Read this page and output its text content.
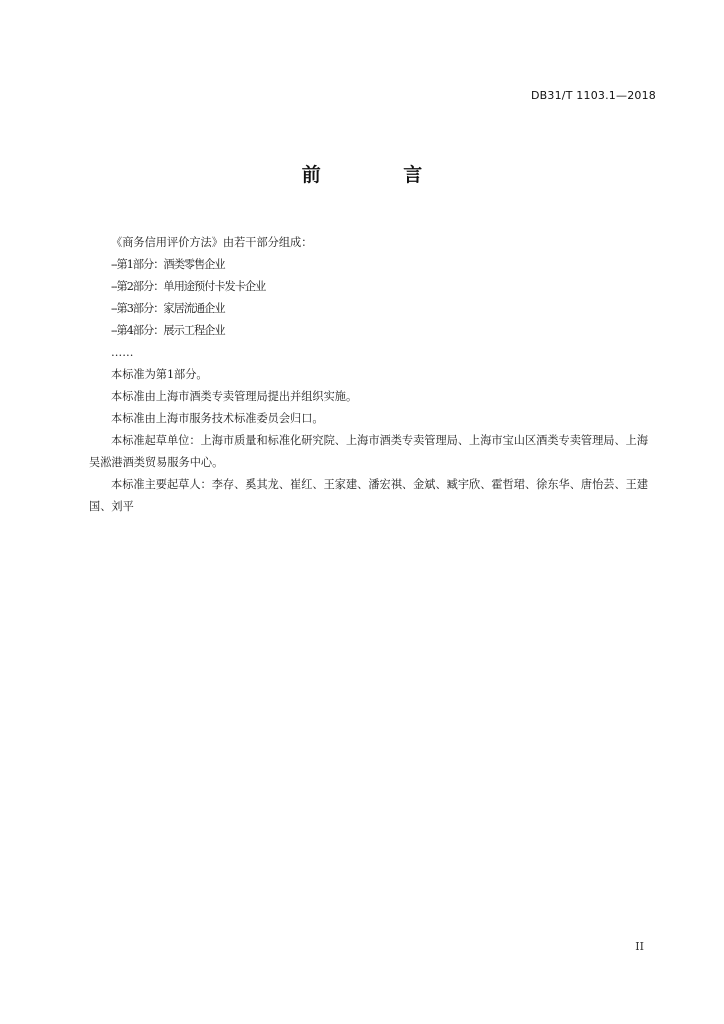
DB31/T 1103.1—2018
前 言

《商务信用评价方法》由若干部分组成：

--第1部分：酒类零售企业

--第2部分：单用途预付卡发卡企业

--第3部分：家居流通企业

--第4部分：展示工程企业

……

本标准为第1部分。

本标准由上海市酒类专卖管理局提出并组织实施。

本标准由上海市服务技术标准委员会归口。

本标准起草单位：上海市质量和标准化研究院、上海市酒类专卖管理局、上海市宝山区酒类专卖管理局、上海吴淞港酒类贸易服务中心。

本标准主要起草人：李存、奚其龙、崔红、王家建、潘宏祺、金斌、臧宇欣、霍哲珺、徐东华、唐怡芸、王建国、刘平

II
